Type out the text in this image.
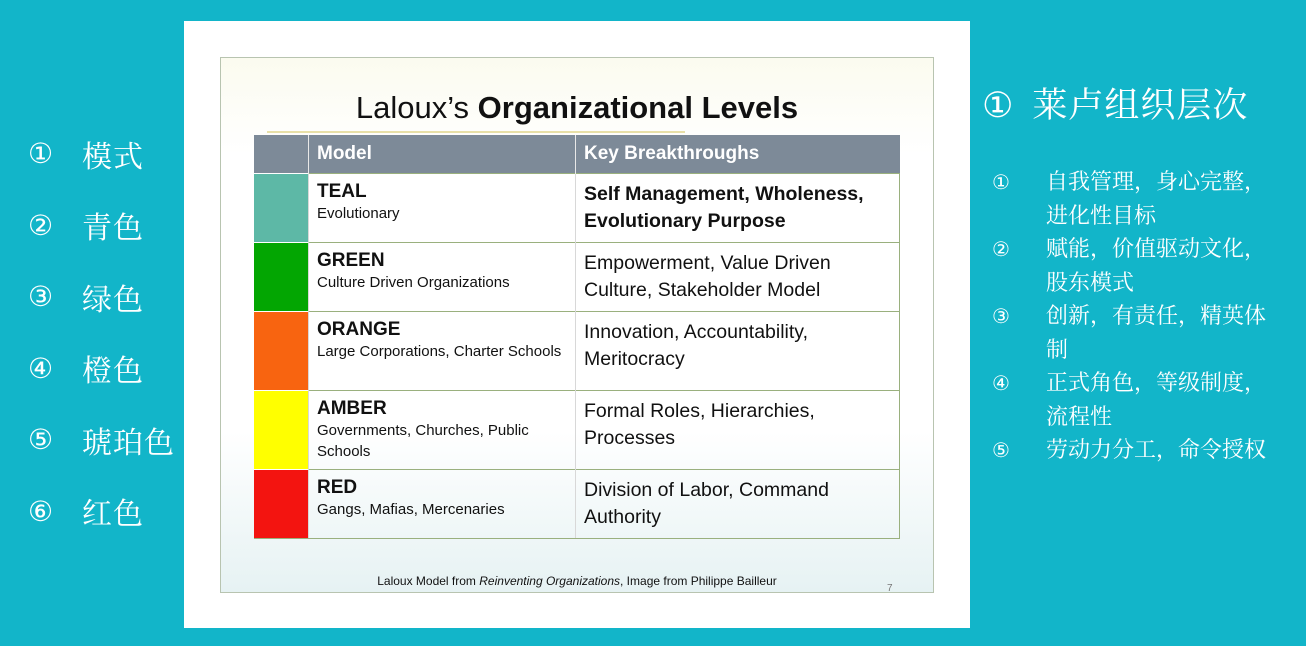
① 模式
② 青色
③ 绿色
④ 橙色
⑤ 琥珀色
⑥ 红色
Laloux’s Organizational Levels
	Model	Key Breakthroughs

	TEAL
Evolutionary	Self Management, Wholeness, Evolutionary Purpose

	GREEN
Culture Driven Organizations	Empowerment, Value Driven Culture, Stakeholder Model

	ORANGE
Large Corporations, Charter Schools	Innovation, Accountability, Meritocracy

	AMBER
Governments, Churches, Public Schools	Formal Roles, Hierarchies, Processes

	RED
Gangs, Mafias, Mercenaries	Division of Labor, Command Authority
Laloux Model from Reinventing Organizations, Image from Philippe Bailleur
7
① 莱卢组织层次
①	自我管理，身心完整，进化性目标
②	赋能，价值驱动文化，股东模式
③	创新，有责任，精英体制
④	正式角色，等级制度，流程性
⑤	劳动力分工，命令授权
